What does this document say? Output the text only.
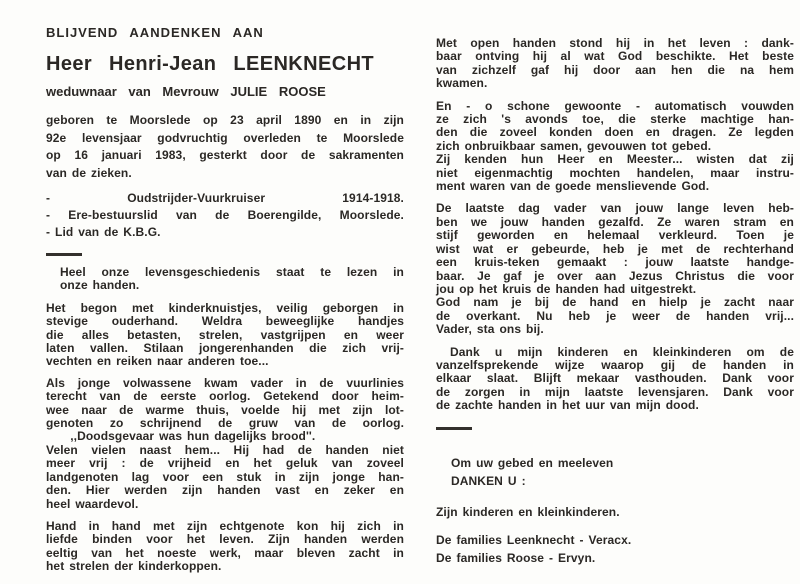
BLIJVEND AANDENKEN AAN
Heer Henri-Jean LEENKNECHT
weduwnaar van Mevrouw JULIE ROOSE
geboren te Moorslede op 23 april 1890 en in zijn
92e levensjaar godvruchtig overleden te Moorslede
op 16 januari 1983, gesterkt door de sakramenten
van de zieken.
- Oudstrijder-Vuurkruiser 1914-1918.
- Ere-bestuurslid van de Boerengilde, Moorslede.
- Lid van de K.B.G.
Heel onze levensgeschiedenis staat te lezen in
onze handen.
Het begon met kinderknuistjes, veilig geborgen in
stevige ouderhand. Weldra beweeglijke handjes
die alles betasten, strelen, vastgrijpen en weer
laten vallen. Stilaan jongerenhanden die zich vrij-
vechten en reiken naar anderen toe...
Als jonge volwassene kwam vader in de vuurlinies
terecht van de eerste oorlog. Getekend door heim-
wee naar de warme thuis, voelde hij met zijn lot-
genoten zo schrijnend de gruw van de oorlog.
  ,,Doodsgevaar was hun dagelijks brood''.
Velen vielen naast hem... Hij had de handen niet
meer vrij : de vrijheid en het geluk van zoveel
landgenoten lag voor een stuk in zijn jonge han-
den. Hier werden zijn handen vast en zeker en
heel waardevol.
Hand in hand met zijn echtgenote kon hij zich in
liefde binden voor het leven. Zijn handen werden
eeltig van het noeste werk, maar bleven zacht in
het strelen der kinderkoppen.
Met open handen stond hij in het leven : dank-
baar ontving hij al wat God beschikte. Het beste
van zichzelf gaf hij door aan hen die na hem
kwamen.
En - o schone gewoonte - automatisch vouwden
ze zich 's avonds toe, die sterke machtige han-
den die zoveel konden doen en dragen. Ze legden
zich onbruikbaar samen, gevouwen tot gebed.
Zij kenden hun Heer en Meester... wisten dat zij
niet eigenmachtig mochten handelen, maar instru-
ment waren van de goede menslievende God.
De laatste dag vader van jouw lange leven heb-
ben we jouw handen gezalfd. Ze waren stram en
stijf geworden en helemaal verkleurd. Toen je
wist wat er gebeurde, heb je met de rechterhand
een kruis-teken gemaakt : jouw laatste handge-
baar. Je gaf je over aan Jezus Christus die voor
jou op het kruis de handen had uitgestrekt.
God nam je bij de hand en hielp je zacht naar
de overkant. Nu heb je weer de handen vrij...
Vader, sta ons bij.
Dank u mijn kinderen en kleinkinderen om de
vanzelfsprekende wijze waarop gij de handen in
elkaar slaat. Blijft mekaar vasthouden. Dank voor
de zorgen in mijn laatste levensjaren. Dank voor
de zachte handen in het uur van mijn dood.
Om uw gebed en meeleven
DANKEN U :
Zijn kinderen en kleinkinderen.
De families Leenknecht - Veracx.
De families Roose - Ervyn.
